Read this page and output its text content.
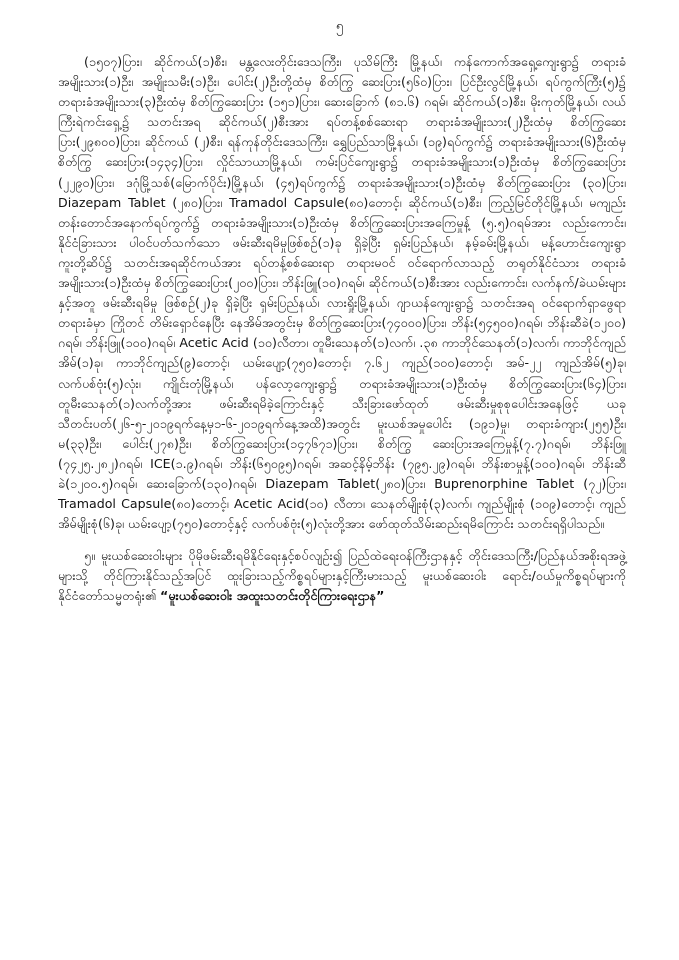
၅

(၁၅၀၇)ပြား၊ ဆိုင်ကယ်(၁)စီး၊ မန္တလေးတိုင်းဒေသကြီး၊ ပုသိမ်ကြီး မြို့နယ်၊ ကန်ကောက်အရှေ့ကျေးရွာ၌ တရားခံအမျိုးသား(၁)ဦး၊ အမျိုးသမီး(၁)ဦး၊ ပေါင်း(၂)ဦးတို့ထံမှ စိတ်ကြွ ဆေးပြား(၅၆၀)ပြား၊ ပြင်ဦးလွင်မြို့နယ်၊ ရပ်ကွက်ကြီး(၅)၌ တရားခံအမျိုးသား(၃)ဦးထံမှ စိတ်ကြွဆေးပြား (၁၅၁)ပြား၊ ဆေးခြောက် (၈၁.၆) ဂရမ်၊ ဆိုင်ကယ်(၁)စီး၊ မိုးကုတ်မြို့နယ်၊ လယ်ကြီးရဲကင်းရှေ့၌ သတင်းအရ ဆိုင်ကယ်(၂)စီးအား ရပ်တန့်စစ်ဆေးရာ တရားခံအမျိုးသား(၂)ဦးထံမှ စိတ်ကြွဆေးပြား(၂၉၈၀၀)ပြား၊ ဆိုင်ကယ် (၂)စီး၊ ရန်ကုန်တိုင်းဒေသကြီး၊ ရွှေပြည်သာမြို့နယ်၊ (၁၉)ရပ်ကွက်၌ တရားခံအမျိုးသား(၆)ဦးထံမှ စိတ်ကြွ ဆေးပြား(၁၄၃၄)ပြား၊ လှိုင်သာယာမြို့နယ်၊ ကမ်းပြင်ကျေးရွာ၌ တရားခံအမျိုးသား(၁)ဦးထံမှ စိတ်ကြွဆေးပြား (၂၂၉၀)ပြား၊ ဒဂုံမြို့သစ်(မြောက်ပိုင်း)မြို့နယ်၊ (၄၅)ရပ်ကွက်၌ တရားခံအမျိုးသား(၁)ဦးထံမှ စိတ်ကြွဆေးပြား (၃၀)ပြား၊ Diazepam Tablet (၂၈၀)ပြား၊ Tramadol Capsule(၈၀)တောင့်၊ ဆိုင်ကယ်(၁)စီး၊ ကြည့်မြင်တိုင်မြို့နယ်၊ မကျည်းတန်းတောင်အနောက်ရပ်ကွက်၌ တရားခံအမျိုးသား(၁)ဦးထံမှ စိတ်ကြွဆေးပြားအကြေမှုန့် (၅.၅)ဂရမ်အား လည်းကောင်း၊ နိုင်ငံခြားသား ပါဝင်ပတ်သက်သော ဖမ်းဆီးရမိမှုဖြစ်စဉ်(၁)ခု ရှိခဲ့ပြီး ရှမ်းပြည်နယ်၊ နမ့်ခမ်းမြို့နယ်၊ မန့်ဟောင်းကျေးရွာကူးတို့ဆိပ်၌ သတင်းအရဆိုင်ကယ်အား ရပ်တန့်စစ်ဆေးရာ တရားမဝင် ဝင်ရောက်လာသည့် တရုတ်နိုင်ငံသား တရားခံအမျိုးသား(၁)ဦးထံမှ စိတ်ကြွဆေးပြား(၂၀၀)ပြား၊ ဘိန်းဖြူ(၁၀)ဂရမ်၊ ဆိုင်ကယ်(၁)စီးအား လည်းကောင်း၊ လက်နက်/ခဲယမ်းများနှင့်အတူ ဖမ်းဆီးရမိမှု ဖြစ်စဉ်(၂)ခု ရှိခဲ့ပြီး ရှမ်းပြည်နယ်၊ လားရှိုးမြို့နယ်၊ ဂျာယန်ကျေးရွာ၌ သတင်းအရ ဝင်ရောက်ရှာဖွေရာ တရားခံမှာ ကြိုတင် တိမ်းရှောင်နေပြီး နေအိမ်အတွင်းမှ စိတ်ကြွဆေးပြား(၇၄၀၀၀)ပြား၊ ဘိန်း(၅၄၅၀၀)ဂရမ်၊ ဘိန်းဆီခဲ(၁၂၀၀) ဂရမ်၊ ဘိန်းဖြူ(၁၀၀)ဂရမ်၊ Acetic Acid (၁၀)လီတာ၊ တူမီးသေနတ်(၁)လက်၊ .၃၈ ကာဘိုင်သေနတ်(၁)လက်၊ ကာဘိုင်ကျည်အိမ်(၁)ခု၊ ကာဘိုင်ကျည်(၉)တောင့်၊ ယမ်းပျော့(၇၅၀)တောင့်၊ ၇.၆၂ ကျည်(၁၀၀)တောင့်၊ အမ်-၂၂ ကျည်အိမ်(၅)ခု၊ လက်ပစ်ဗုံး(၅)လုံး၊ ကျိုင်းတုံမြို့နယ်၊ ပန်လော့ကျေးရွာ၌ တရားခံအမျိုးသား(၁)ဦးထံမှ စိတ်ကြွဆေးပြား(၆၄)ပြား၊ တူမီးသေနတ်(၁)လက်တို့အား ဖမ်းဆီးရမိခဲ့ကြောင်းနှင့် သီးခြားဖော်ထုတ် ဖမ်းဆီးမှုစုစုပေါင်းအနေဖြင့် ယခုသီတင်းပတ်(၂၆-၅-၂၀၁၉ရက်နေ့မှ၁-၆-၂၀၁၉ရက်နေ့အထိ)အတွင်း မူးယစ်အမှုပေါင်း (၁၉၁)မှု၊ တရားခံကျား(၂၅၅)ဦး၊ မ(၃၃)ဦး၊ ပေါင်း(၂၇၈)ဦး၊ စိတ်ကြွဆေးပြား(၁၄၇၆၇၁)ပြား၊ စိတ်ကြွ ဆေးပြားအကြေမှုန့်(၇.၇)ဂရမ်၊ ဘိန်းဖြူ (၇၄၂၅.၂၈၂)ဂရမ်၊ ICE(၁.၉)ဂရမ်၊ ဘိန်း(၆၅၀၉၅)ဂရမ်၊ အဆင့်နိမ့်ဘိန်း (၇၉၅.၂၉)ဂရမ်၊ ဘိန်းစာမှုန့်(၁၀၀)ဂရမ်၊ ဘိန်းဆီခဲ(၁၂၀၀.၅)ဂရမ်၊ ဆေးခြောက်(၁၃၀)ဂရမ်၊ Diazepam Tablet(၂၈၀)ပြား၊ Buprenorphine Tablet (၇၂)ပြား၊ Tramadol Capsule(၈၀)တောင့်၊ Acetic Acid(၁၀) လီတာ၊ သေနတ်မျိုးစုံ(၃)လက်၊ ကျည်မျိုးစုံ (၁၀၉)တောင့်၊ ကျည်အိမ်မျိုးစုံ(၆)ခု၊ ယမ်းပျော့(၇၅၀)တောင့်နှင့် လက်ပစ်ဗုံး(၅)လုံးတို့အား ဖော်ထုတ်သိမ်းဆည်းရမိကြောင်း သတင်းရရှိပါသည်။

၅။ မူးယစ်ဆေးဝါးများ ပိုမိုဖမ်းဆီးရမိနိုင်ရေးနှင့်စပ်လျဉ်း၍ ပြည်ထဲရေးဝန်ကြီးဌာနနှင့် တိုင်းဒေသကြီး/ပြည်နယ်အစိုးရအဖွဲ့များသို့ တိုင်ကြားနိုင်သည့်အပြင် ထူးခြားသည့်ကိစ္စရပ်များနှင့်ကြီးမားသည့် မူးယစ်ဆေးဝါး ရောင်း/ဝယ်မှုကိစ္စရပ်များကို နိုင်ငံတော်သမ္မတရုံး၏ “မူးယစ်ဆေးဝါး အထူးသတင်းတိုင်ကြားရေးဌာန”
